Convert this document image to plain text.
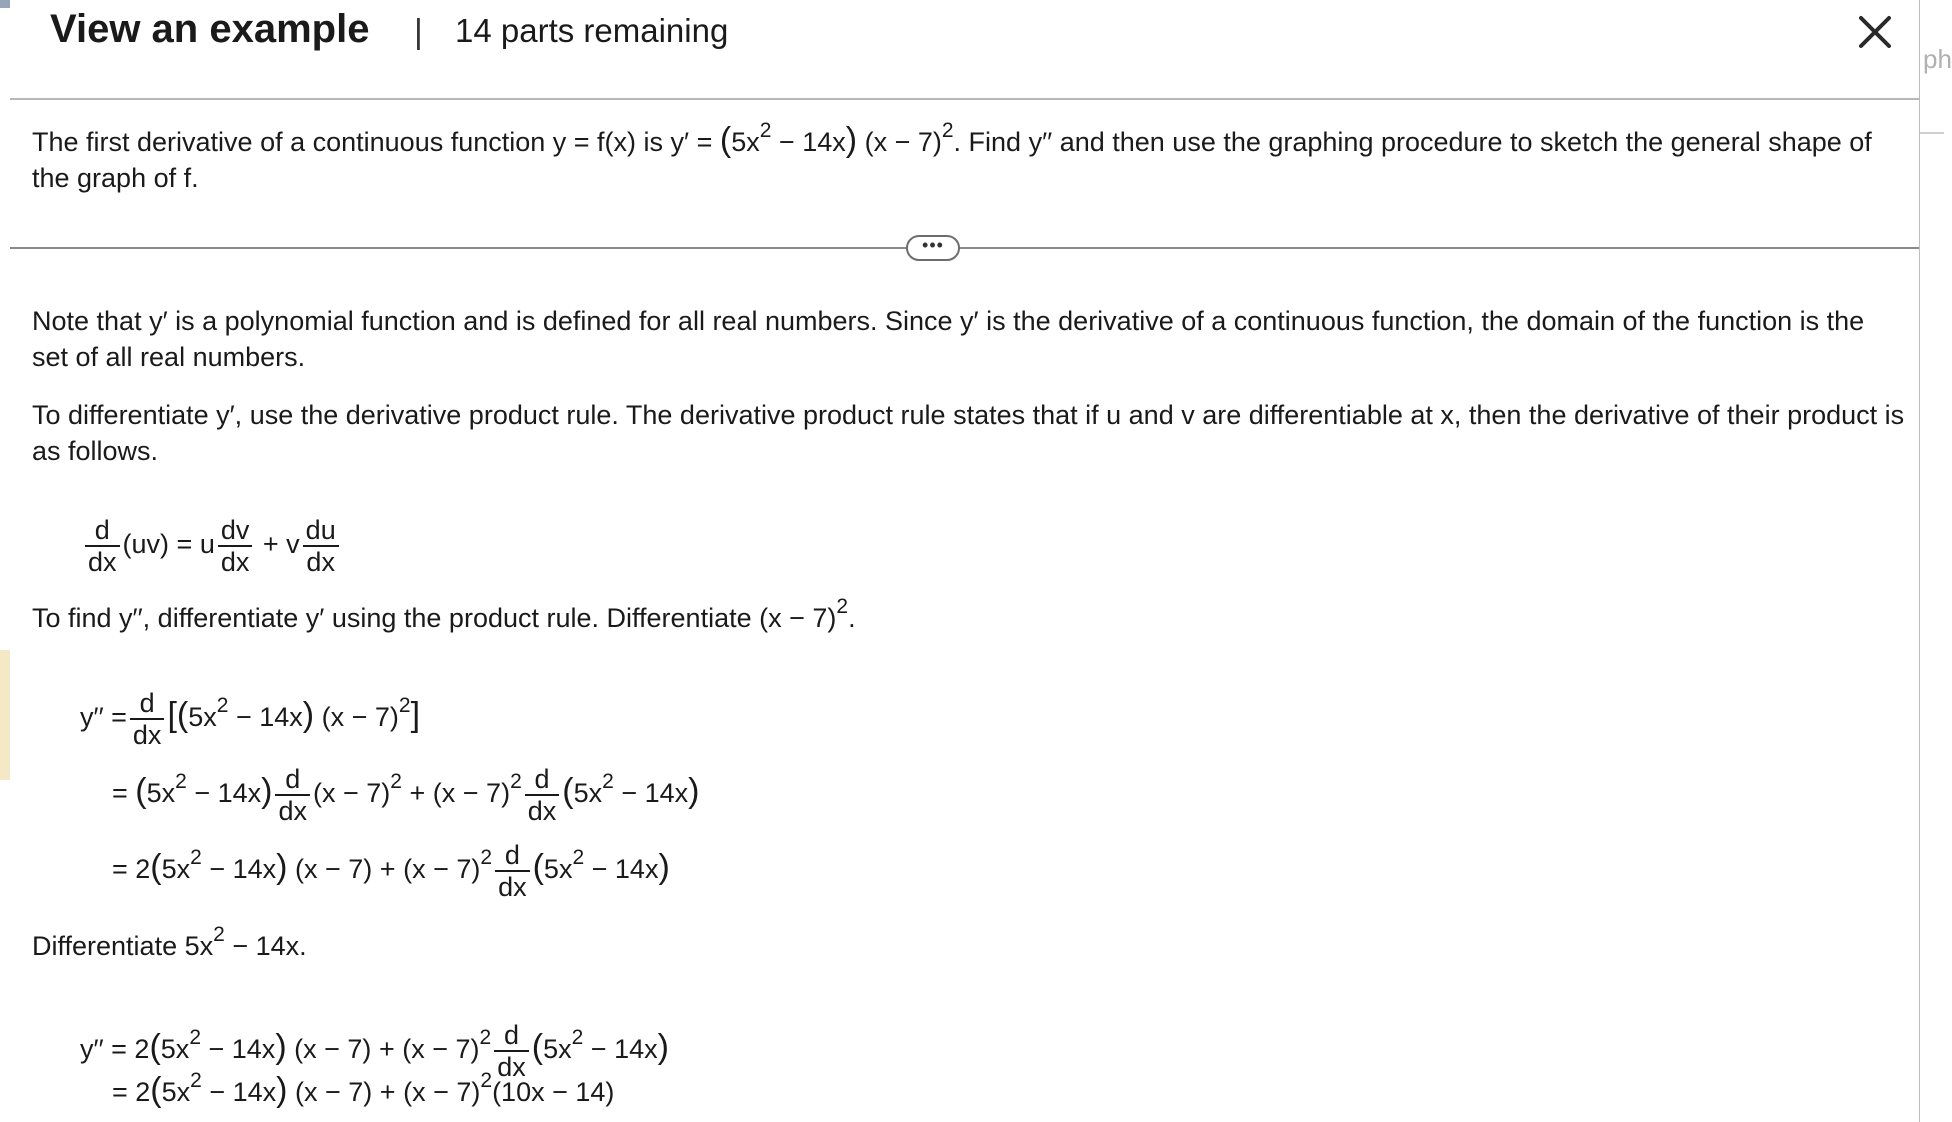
View an example | 14 parts remaining

The first derivative of a continuous function y = f(x) is $y' = (5x^2 - 14x) (x - 7)^2$. Find y′′ and then use the graphing procedure to sketch the general shape of the graph of f.

•••

Note that y′ is a polynomial function and is defined for all real numbers. Since y′ is the derivative of a continuous function, the domain of the function is the set of all real numbers.

To differentiate y′, use the derivative product rule. The derivative product rule states that if u and v are differentiable at x, then the derivative of their product is as follows.

$\frac{d}{dx} (uv) = u \frac{dv}{dx} + v \frac{du}{dx}$

To find y′′, differentiate y′ using the product rule. Differentiate $(x - 7)^2$.

$y'' = \frac{d}{dx} [(5x^2 - 14x) (x - 7)^2]$
= $(5x^2 - 14x) \frac{d}{dx} (x - 7)^2 + (x - 7)^2 \frac{d}{dx} (5x^2 - 14x)$
= $2(5x^2 - 14x) (x - 7) + (x - 7)^2 \frac{d}{dx} (5x^2 - 14x)$

Differentiate $5x^2 - 14x$.

$y'' = 2(5x^2 - 14x) (x - 7) + (x - 7)^2 \frac{d}{dx} (5x^2 - 14x)$
= $2(5x^2 - 14x) (x - 7) + (x - 7)^2(10x - 14)$
ph
